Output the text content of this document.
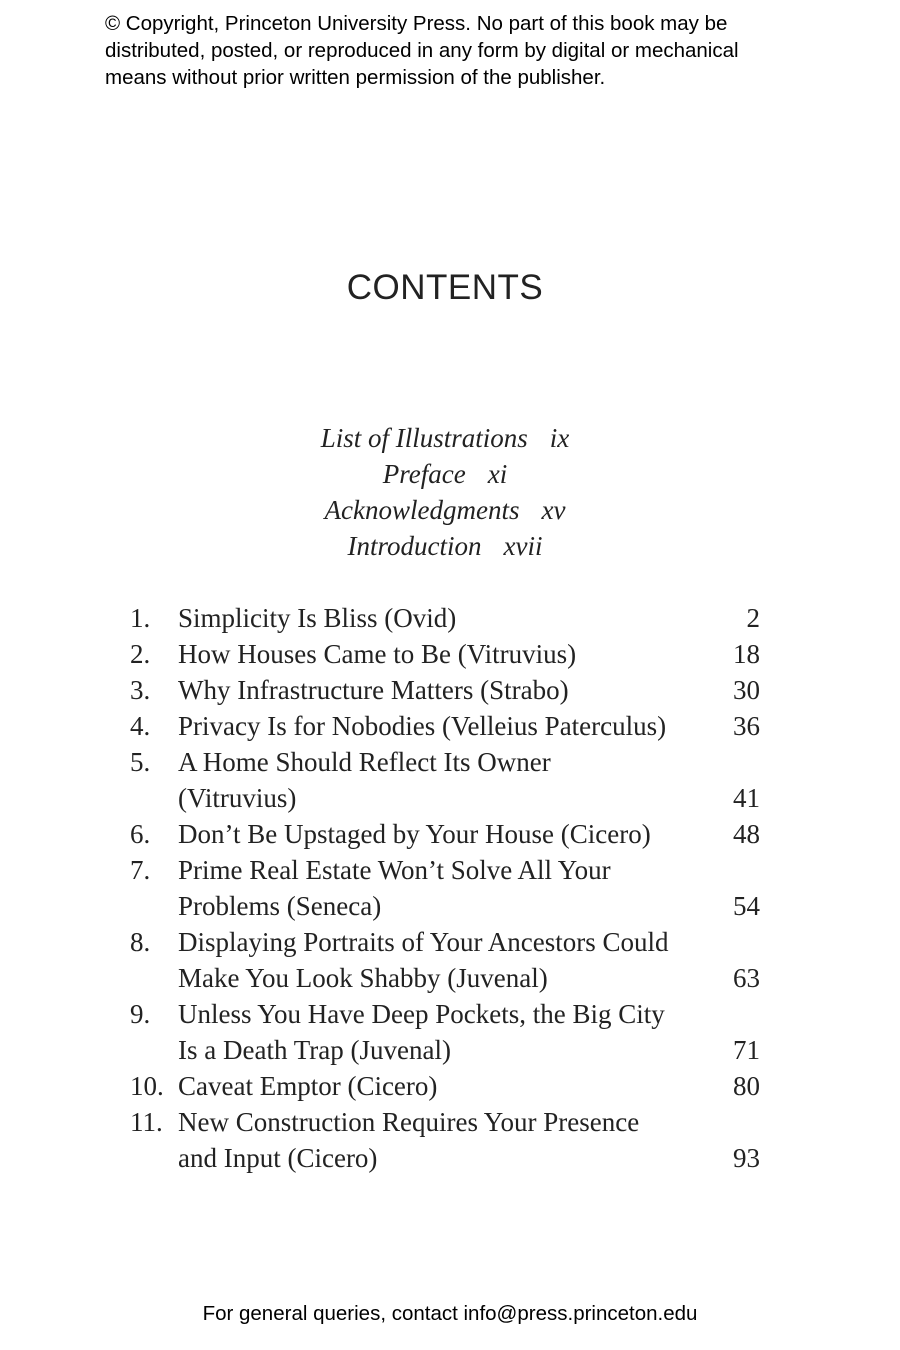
© Copyright, Princeton University Press. No part of this book may be
distributed, posted, or reproduced in any form by digital or mechanical
means without prior written permission of the publisher.
CONTENTS
List of Illustrations ix
Preface xi
Acknowledgments xv
Introduction xvii
1.	Simplicity Is Bliss (Ovid)	2
2.	How Houses Came to Be (Vitruvius)	18
3.	Why Infrastructure Matters (Strabo)	30
4.	Privacy Is for Nobodies (Velleius Paterculus)	36
5.	A Home Should Reflect Its Owner
(Vitruvius)	41
6.	Don’t Be Upstaged by Your House (Cicero)	48
7.	Prime Real Estate Won’t Solve All Your
Problems (Seneca)	54
8.	Displaying Portraits of Your Ancestors Could
Make You Look Shabby (Juvenal)	63
9.	Unless You Have Deep Pockets, the Big City
Is a Death Trap (Juvenal)	71
10. Caveat Emptor (Cicero)	80
11. New Construction Requires Your Presence
and Input (Cicero)	93
For general queries, contact info@press.princeton.edu
